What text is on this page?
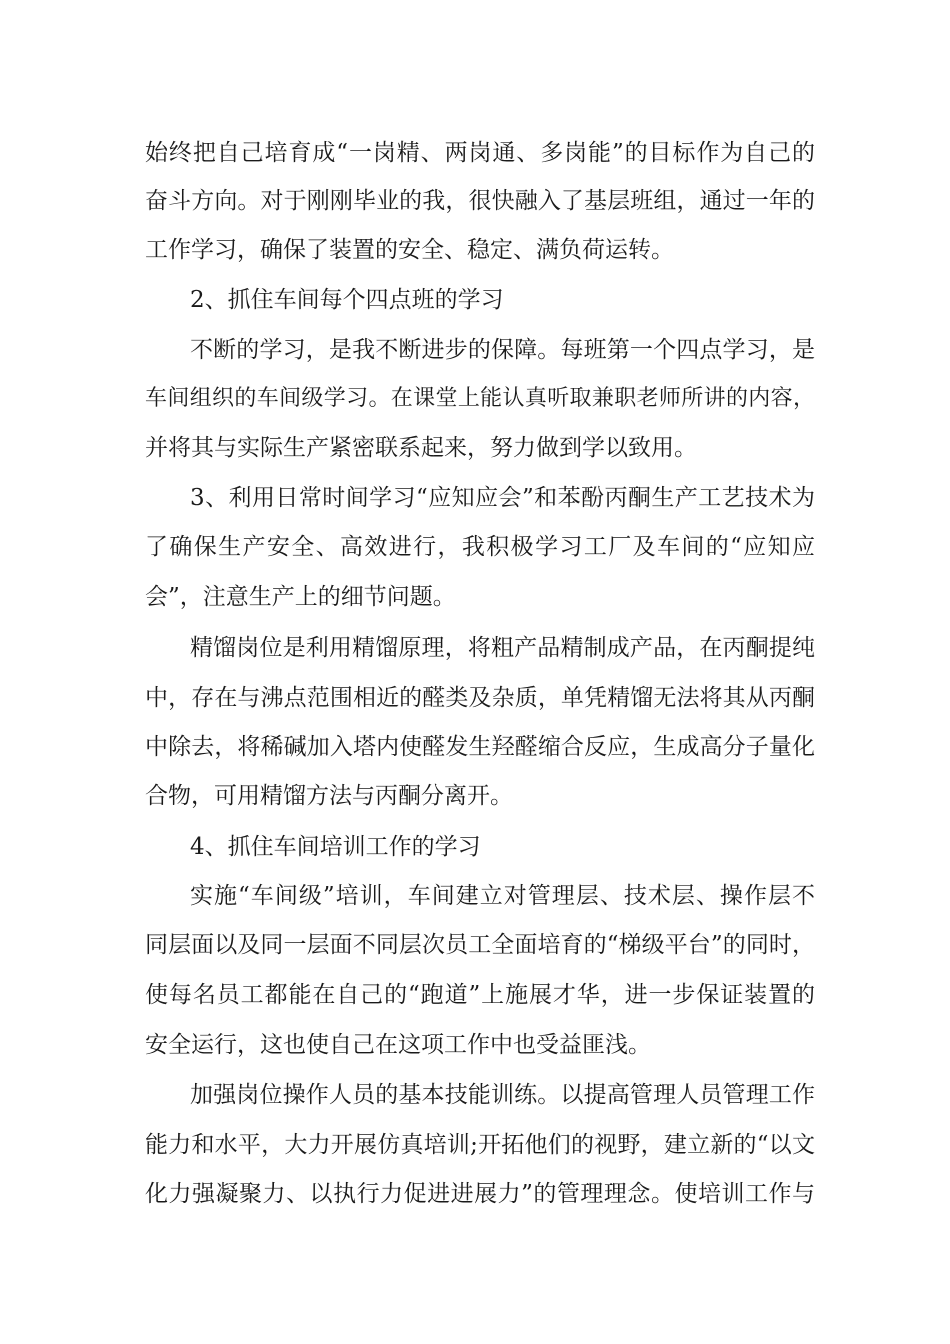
始终把自己培育成“一岗精、两岗通、多岗能”的目标作为自己的
奋斗方向。对于刚刚毕业的我，很快融入了基层班组，通过一年的
工作学习，确保了装置的安全、稳定、满负荷运转。
2、抓住车间每个四点班的学习
不断的学习，是我不断进步的保障。每班第一个四点学习，是
车间组织的车间级学习。在课堂上能认真听取兼职老师所讲的内容，
并将其与实际生产紧密联系起来，努力做到学以致用。
3、利用日常时间学习“应知应会”和苯酚丙酮生产工艺技术为
了确保生产安全、高效进行，我积极学习工厂及车间的“应知应
会”，注意生产上的细节问题。
精馏岗位是利用精馏原理，将粗产品精制成产品，在丙酮提纯
中，存在与沸点范围相近的醛类及杂质，单凭精馏无法将其从丙酮
中除去，将稀碱加入塔内使醛发生羟醛缩合反应，生成高分子量化
合物，可用精馏方法与丙酮分离开。
4、抓住车间培训工作的学习
实施“车间级”培训，车间建立对管理层、技术层、操作层不
同层面以及同一层面不同层次员工全面培育的“梯级平台”的同时，
使每名员工都能在自己的“跑道”上施展才华，进一步保证装置的
安全运行，这也使自己在这项工作中也受益匪浅。
加强岗位操作人员的基本技能训练。以提高管理人员管理工作
能力和水平，大力开展仿真培训;开拓他们的视野，建立新的“以文
化力强凝聚力、以执行力促进进展力”的管理理念。使培训工作与
